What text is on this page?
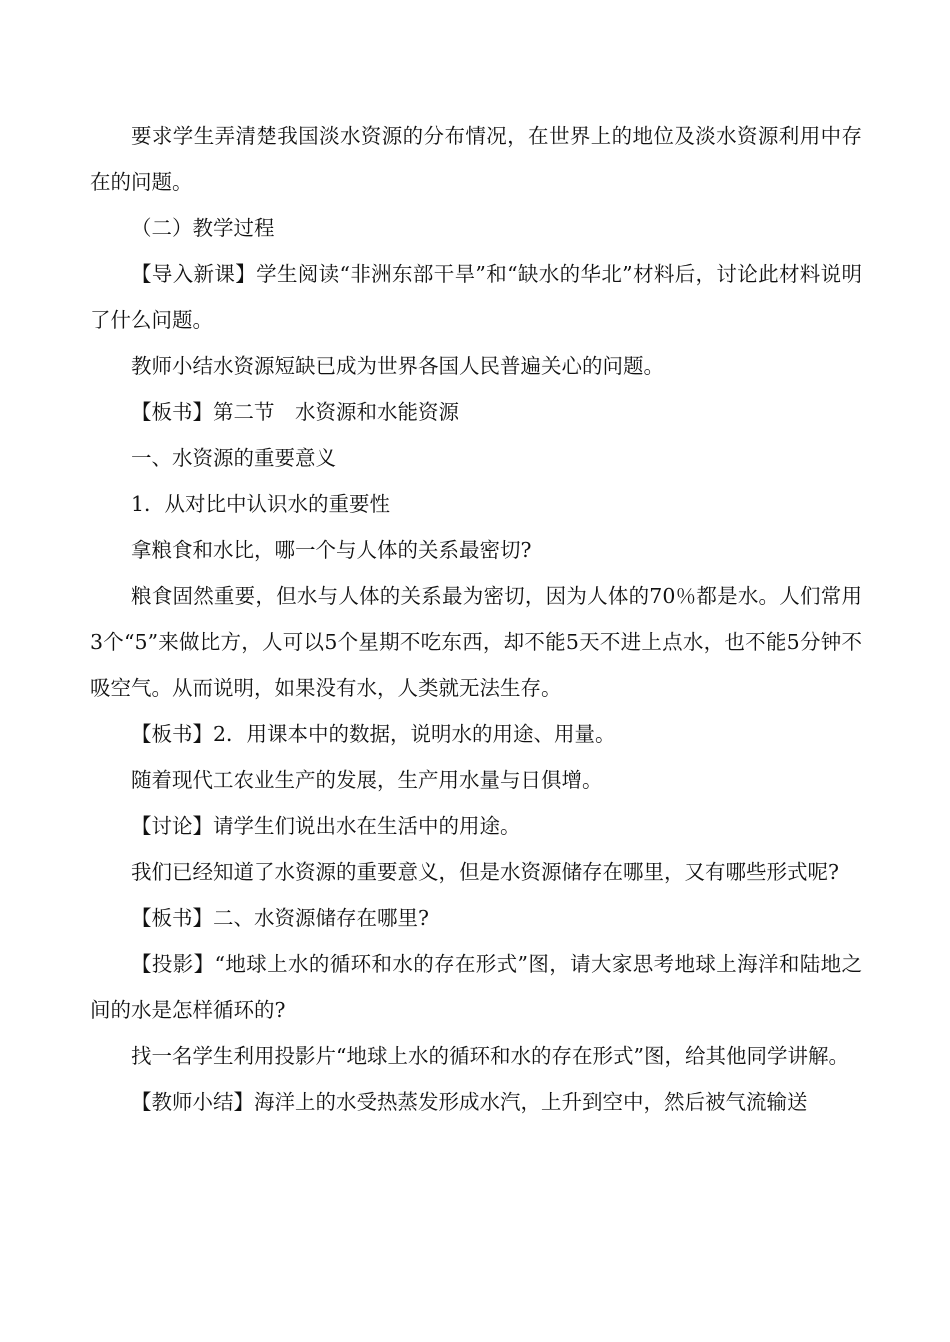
要求学生弄清楚我国淡水资源的分布情况，在世界上的地位及淡水资源利用中存在的问题。

（二）教学过程

【导入新课】学生阅读“非洲东部干旱”和“缺水的华北”材料后，讨论此材料说明了什么问题。

教师小结水资源短缺已成为世界各国人民普遍关心的问题。

【板书】第二节　水资源和水能资源

一、水资源的重要意义

1．从对比中认识水的重要性

拿粮食和水比，哪一个与人体的关系最密切?

粮食固然重要，但水与人体的关系最为密切，因为人体的70％都是水。人们常用3个“5”来做比方，人可以5个星期不吃东西，却不能5天不进上点水，也不能5分钟不吸空气。从而说明，如果没有水，人类就无法生存。

【板书】2．用课本中的数据，说明水的用途、用量。

随着现代工农业生产的发展，生产用水量与日俱增。

【讨论】请学生们说出水在生活中的用途。

我们已经知道了水资源的重要意义，但是水资源储存在哪里，又有哪些形式呢?

【板书】二、水资源储存在哪里?

【投影】“地球上水的循环和水的存在形式”图，请大家思考地球上海洋和陆地之间的水是怎样循环的?

找一名学生利用投影片“地球上水的循环和水的存在形式”图，给其他同学讲解。

【教师小结】海洋上的水受热蒸发形成水汽，上升到空中，然后被气流输送
